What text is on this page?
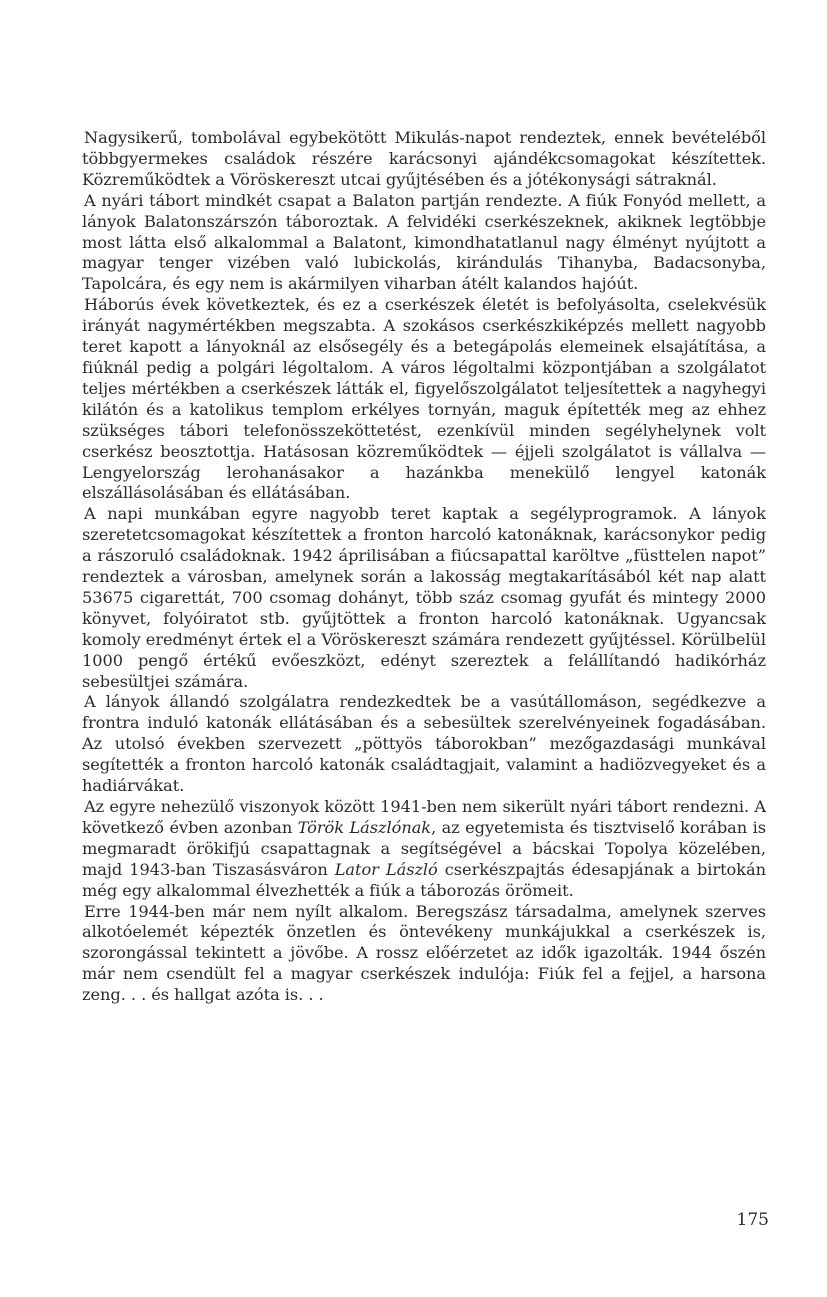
Nagysikerű, tombolával egybekötött Mikulás-napot rendeztek, ennek bevételéből többgyermekes családok részére karácsonyi ajándékcsomagokat készítettek. Közreműködtek a Vöröskereszt utcai gyűjtésében és a jótékonysági sátraknál.

A nyári tábort mindkét csapat a Balaton partján rendezte. A fiúk Fonyód mellett, a lányok Balatonszárszón táboroztak. A felvidéki cserkészeknek, akiknek legtöbbje most látta első alkalommal a Balatont, kimondhatatlanul nagy élményt nyújtott a magyar tenger vizében való lubickolás, kirándulás Tihanyba, Badacsonyba, Tapolcára, és egy nem is akármilyen viharban átélt kalandos hajóút.

Háborús évek következtek, és ez a cserkészek életét is befolyásolta, cselekvésük irányát nagymértékben megszabta. A szokásos cserkészkiképzés mellett nagyobb teret kapott a lányoknál az elsősegély és a betegápolás elemeinek elsajátítása, a fiúknál pedig a polgári légoltalom. A város légoltalmi központjában a szolgálatot teljes mértékben a cserkészek látták el, figyelőszolgálatot teljesítettek a nagyhegyi kilátón és a katolikus templom erkélyes tornyán, maguk építették meg az ehhez szükséges tábori telefonösszeköttetést, ezenkívül minden segélyhelynek volt cserkész beosztottja. Hatásosan közreműködtek — éjjeli szolgálatot is vállalva — Lengyelország lerohanásakor a hazánkba menekülő lengyel katonák elszállásolásában és ellátásában.

A napi munkában egyre nagyobb teret kaptak a segélyprogramok. A lányok szeretetcsomagokat készítettek a fronton harcoló katonáknak, karácsonykor pedig a rászoruló családoknak. 1942 áprilisában a fiúcsapattal karöltve „füsttelen napot” rendeztek a városban, amelynek során a lakosság megtakarításából két nap alatt 53675 cigarettát, 700 csomag dohányt, több száz csomag gyufát és mintegy 2000 könyvet, folyóiratot stb. gyűjtöttek a fronton harcoló katonáknak. Ugyancsak komoly eredményt értek el a Vöröskereszt számára rendezett gyűjtéssel. Körülbelül 1000 pengő értékű evőeszközt, edényt szereztek a felállítandó hadikórház sebesültjei számára.

A lányok állandó szolgálatra rendezkedtek be a vasútállomáson, segédkezve a frontra induló katonák ellátásában és a sebesültek szerelvényeinek fogadásában. Az utolsó években szervezett „pöttyös táborokban” mezőgazdasági munkával segítették a fronton harcoló katonák családtagjait, valamint a hadiözvegyeket és a hadiárvákat.

Az egyre nehezülő viszonyok között 1941-ben nem sikerült nyári tábort rendezni. A következő évben azonban Török Lászlónak, az egyetemista és tisztviselő korában is megmaradt örökifjú csapattagnak a segítségével a bácskai Topolya közelében, majd 1943-ban Tiszasásváron Lator László cserkészpajtás édesapjának a birtokán még egy alkalommal élvezhették a fiúk a táborozás örömeit.

Erre 1944-ben már nem nyílt alkalom. Beregszász társadalma, amelynek szerves alkotóelemét képezték önzetlen és öntevékeny munkájukkal a cserkészek is, szorongással tekintett a jövőbe. A rossz előérzetet az idők igazolták. 1944 őszén már nem csendült fel a magyar cserkészek indulója: Fiúk fel a fejjel, a harsona zeng. . . és hallgat azóta is. . .

175
